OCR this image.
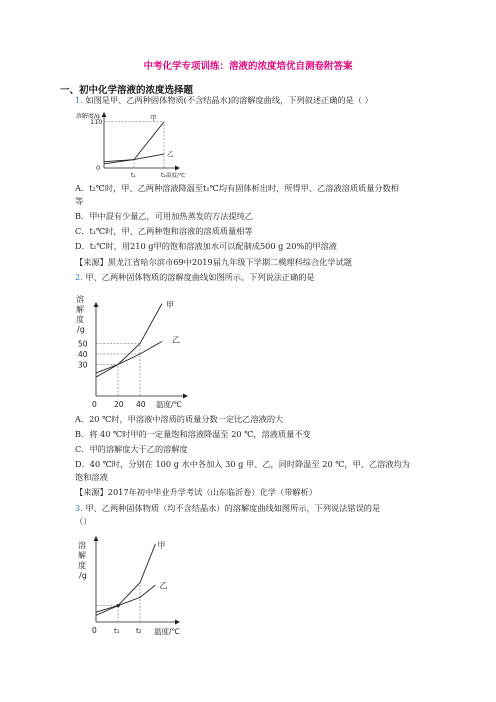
中考化学专项训练：溶液的浓度培优自测卷附答案
一、初中化学溶液的浓度选择题
1. 如图是甲、乙两种固体物质(不含结晶水)的溶解度曲线，下列叙述正确的是（ ）
溶解度/g
110
0
t₁	t₂ 温度/℃
甲
乙
A．t₂℃时，甲、乙两种溶液降温至t₁℃均有固体析出时，所得甲、乙溶液溶质质量分数相
等
B．甲中混有少量乙，可用加热蒸发的方法提纯乙
C．t₁℃时，甲、乙两种饱和溶液的溶质质量相等
D．t₂℃时，用210 g甲的饱和溶液加水可以配制成500 g 20%的甲溶液
【来源】黑龙江省哈尔滨市69中2019届九年级下学期二模理科综合化学试题
2. 甲、乙两种固体物质的溶解度曲线如图所示。下列说法正确的是
溶
解
度
/g
30
40
50
0 20 40 温度/℃
甲
乙
A．20 ℃时，甲溶液中溶质的质量分数一定比乙溶液的大
B．将 40 ℃时甲的一定量饱和溶液降温至 20 ℃，溶液质量不变
C．甲的溶解度大于乙的溶解度
D．40 ℃时，分别在 100 g 水中各加入 30 g 甲、乙，同时降温至 20 ℃，甲、乙溶液均为
饱和溶液
【来源】2017年初中毕业升学考试（山东临沂卷）化学（带解析）
3. 甲、乙两种固体物质（均不含结晶水）的溶解度曲线如图所示，下列说法错误的是
（）
溶
解
度
/g
0 t₁ t₂ 温度/℃
甲
乙
